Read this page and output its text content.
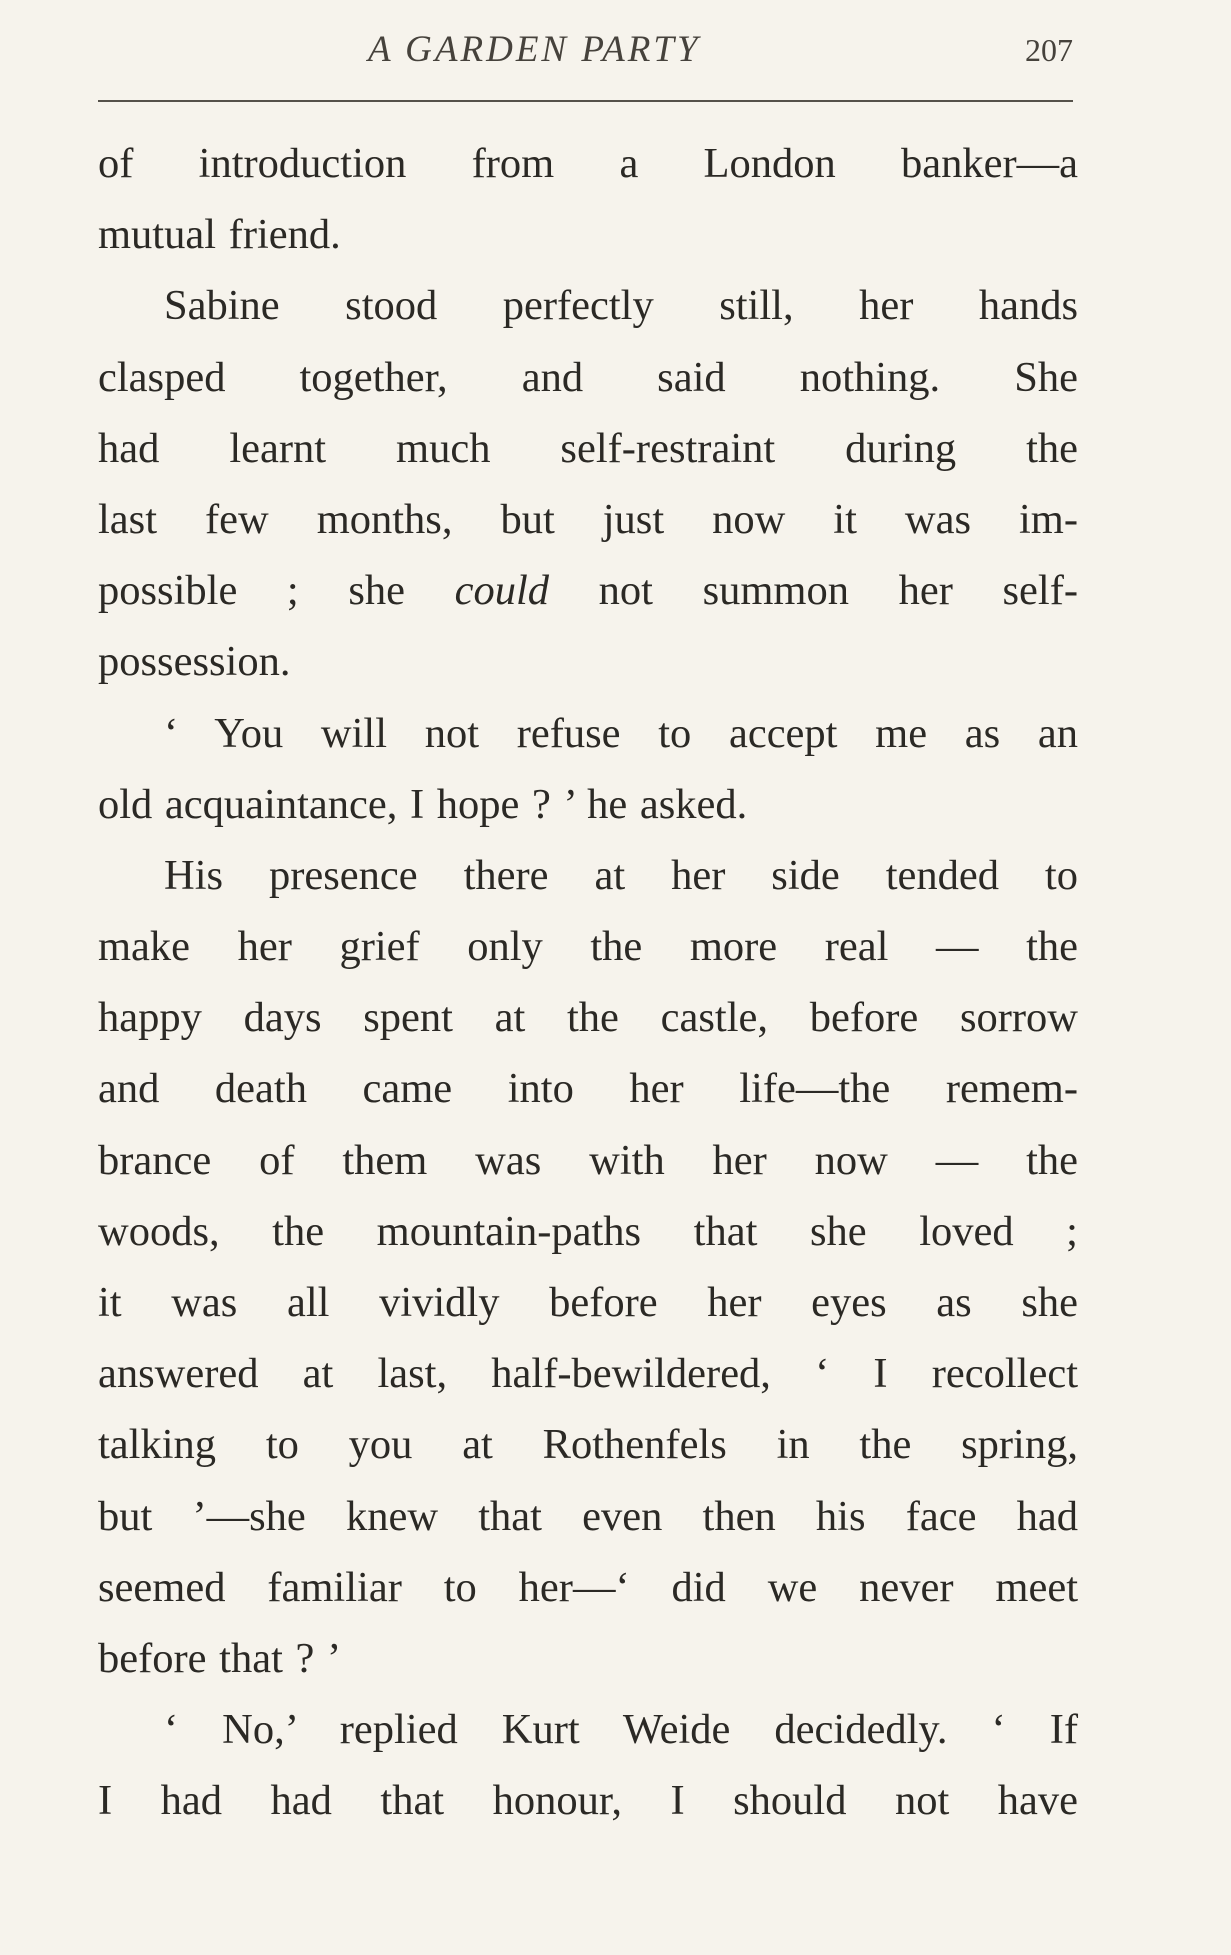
A GARDEN PARTY	207
of introduction from a London banker—a
mutual friend.
Sabine stood perfectly still, her hands
clasped together, and said nothing. She
had learnt much self-restraint during the
last few months, but just now it was im-
possible ; she could not summon her self-
possession.
‘ You will not refuse to accept me as an
old acquaintance, I hope ? ’ he asked.
His presence there at her side tended to
make her grief only the more real — the
happy days spent at the castle, before sorrow
and death came into her life—the remem-
brance of them was with her now — the
woods, the mountain-paths that she loved ;
it was all vividly before her eyes as she
answered at last, half-bewildered, ‘ I recollect
talking to you at Rothenfels in the spring,
but ’—she knew that even then his face had
seemed familiar to her—‘ did we never meet
before that ? ’
‘ No,’ replied Kurt Weide decidedly. ‘ If
I had had that honour, I should not have
